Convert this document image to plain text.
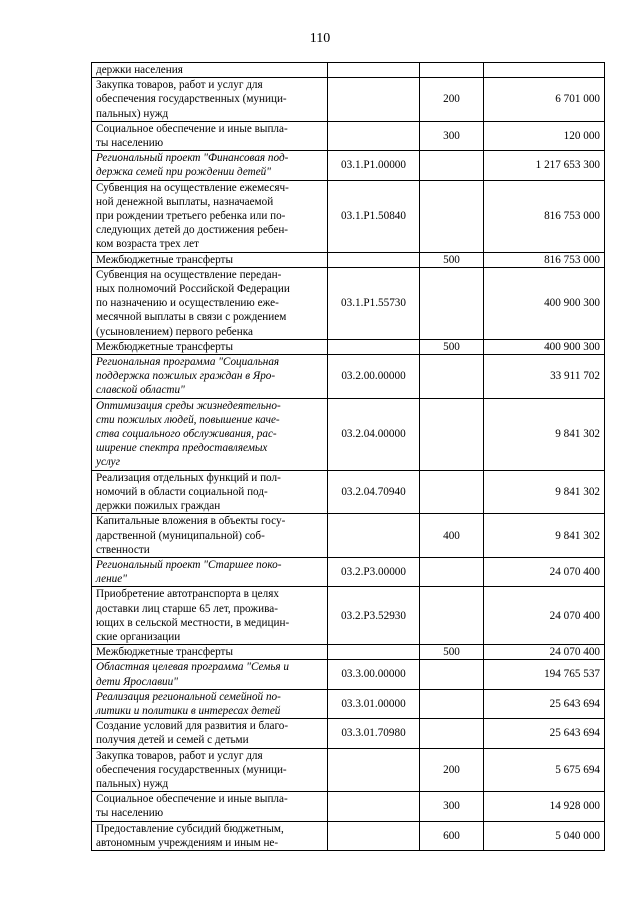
110
держки населения			

Закупка товаров, работ и услуг для
обеспечения государственных (муници-
пальных) нужд		200	6 701 000

Социальное обеспечение и иные выпла-
ты населению		300	120 000

Региональный проект "Финансовая под-
держка семей при рождении детей"	03.1.P1.00000		1 217 653 300

Субвенция на осуществление ежемесяч-
ной денежной выплаты, назначаемой
при рождении третьего ребенка или по-
следующих детей до достижения ребен-
ком возраста трех лет	03.1.P1.50840		816 753 000

Межбюджетные трансферты		500	816 753 000

Субвенция на осуществление передан-
ных полномочий Российской Федерации
по назначению и осуществлению еже-
месячной выплаты в связи с рождением
(усыновлением) первого ребенка	03.1.P1.55730		400 900 300

Межбюджетные трансферты		500	400 900 300

Региональная программа "Социальная
поддержка пожилых граждан в Яро-
славской области"	03.2.00.00000		33 911 702

Оптимизация среды жизнедеятельно-
сти пожилых людей, повышение каче-
ства социального обслуживания, рас-
ширение спектра предоставляемых
услуг	03.2.04.00000		9 841 302

Реализация отдельных функций и пол-
номочий в области социальной под-
держки пожилых граждан	03.2.04.70940		9 841 302

Капитальные вложения в объекты госу-
дарственной (муниципальной) соб-
ственности		400	9 841 302

Региональный проект "Старшее поко-
ление"	03.2.P3.00000		24 070 400

Приобретение автотранспорта в целях
доставки лиц старше 65 лет, прожива-
ющих в сельской местности, в медицин-
ские организации	03.2.P3.52930		24 070 400

Межбюджетные трансферты		500	24 070 400

Областная целевая программа "Семья и
дети Ярославии"	03.3.00.00000		194 765 537

Реализация региональной семейной по-
литики и политики в интересах детей	03.3.01.00000		25 643 694

Создание условий для развития и благо-
получия детей и семей с детьми	03.3.01.70980		25 643 694

Закупка товаров, работ и услуг для
обеспечения государственных (муници-
пальных) нужд		200	5 675 694

Социальное обеспечение и иные выпла-
ты населению		300	14 928 000

Предоставление субсидий бюджетным,
автономным учреждениям и иным не-		600	5 040 000
